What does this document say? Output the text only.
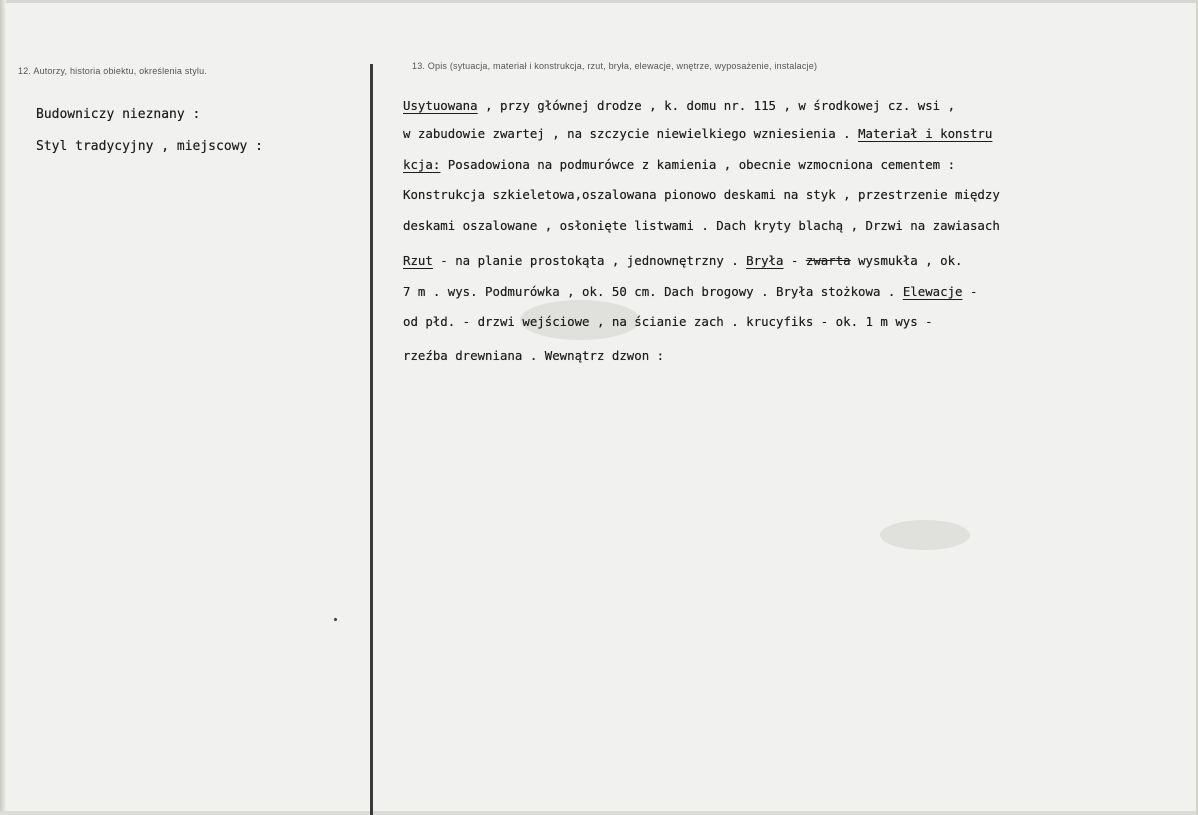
12. Autorzy, historia obiektu, określenia stylu.	13. Opis (sytuacja, materiał i konstrukcja, rzut, bryła, elewacje, wnętrze, wyposażenie, instalacje)
Budowniczy nieznany :
Styl tradycyjny , miejscowy :
Usytuowana , przy głównej drodze , k. domu nr. 115 , w środkowej cz. wsi ,
w zabudowie zwartej , na szczycie niewielkiego wzniesienia . Materiał i konstru
kcja: Posadowiona na podmurówce z kamienia , obecnie wzmocniona cementem :
Konstrukcja szkieletowa,oszalowana pionowo deskami na styk , przestrzenie między
deskami oszalowane , osłonięte listwami . Dach kryty blachą , Drzwi na zawiasach
Rzut - na planie prostokąta , jednownętrzny . Bryła - zwarta wysmukła , ok.
7 m . wys. Podmurówka , ok. 50 cm. Dach brogowy . Bryła stożkowa . Elewacje -
od płd. - drzwi wejściowe , na ścianie zach . krucyfiks - ok. 1 m wys -
rzeźba drewniana . Wewnątrz dzwon :
